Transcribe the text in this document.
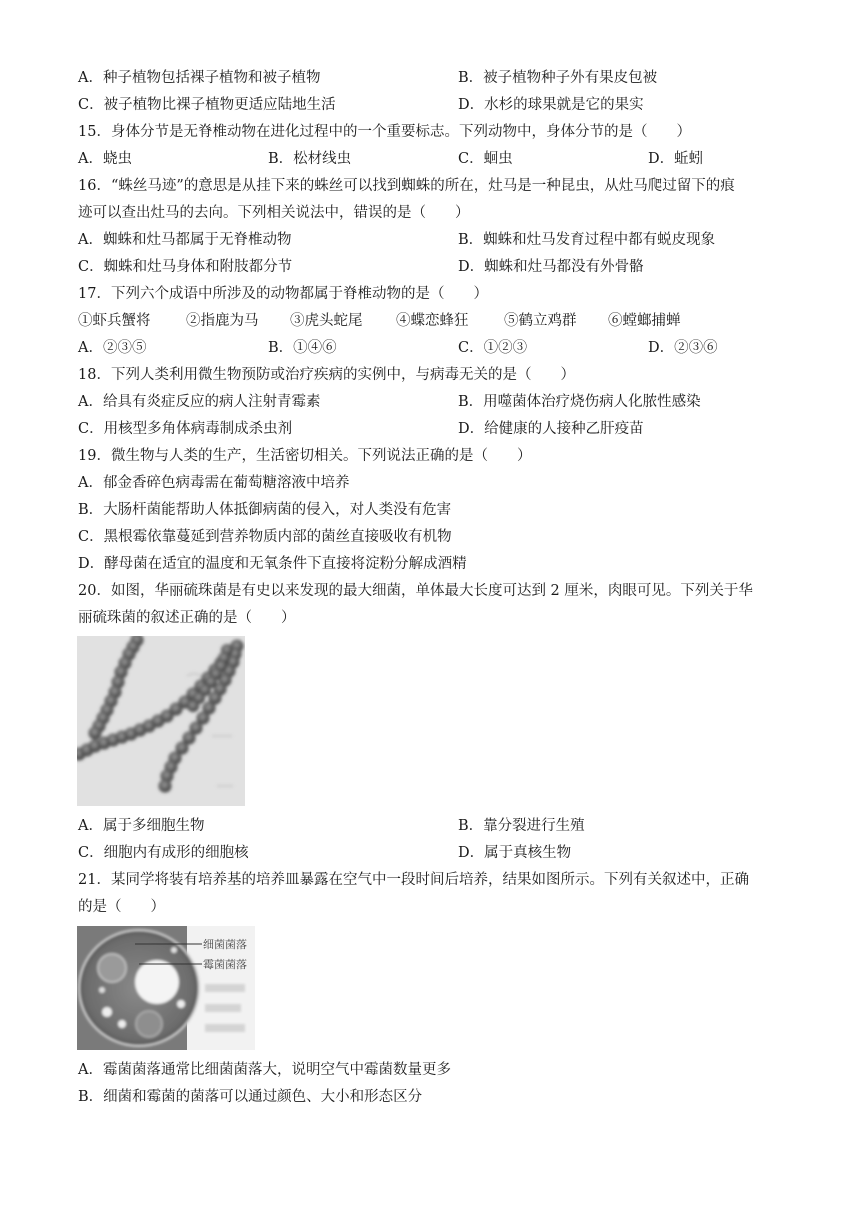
A．种子植物包括裸子植物和被子植物	B．被子植物种子外有果皮包被
C．被子植物比裸子植物更适应陆地生活	D．水杉的球果就是它的果实
15．身体分节是无脊椎动物在进化过程中的一个重要标志。下列动物中，身体分节的是（　　）
A．蛲虫	B．松材线虫	C．蛔虫	D．蚯蚓
16．“蛛丝马迹”的意思是从挂下来的蛛丝可以找到蜘蛛的所在，灶马是一种昆虫，从灶马爬过留下的痕
迹可以查出灶马的去向。下列相关说法中，错误的是（　　）
A．蜘蛛和灶马都属于无脊椎动物	B．蜘蛛和灶马发育过程中都有蜕皮现象
C．蜘蛛和灶马身体和附肢都分节	D．蜘蛛和灶马都没有外骨骼
17．下列六个成语中所涉及的动物都属于脊椎动物的是（　　）
①虾兵蟹将 ②指鹿为马 ③虎头蛇尾 ④蝶恋蜂狂 ⑤鹤立鸡群 ⑥螳螂捕蝉
A．②③⑤	B．①④⑥	C．①②③	D．②③⑥
18．下列人类利用微生物预防或治疗疾病的实例中，与病毒无关的是（　　）
A．给具有炎症反应的病人注射青霉素	B．用噬菌体治疗烧伤病人化脓性感染
C．用核型多角体病毒制成杀虫剂	D．给健康的人接种乙肝疫苗
19．微生物与人类的生产，生活密切相关。下列说法正确的是（　　）
A．郁金香碎色病毒需在葡萄糖溶液中培养
B．大肠杆菌能帮助人体抵御病菌的侵入，对人类没有危害
C．黑根霉依靠蔓延到营养物质内部的菌丝直接吸收有机物
D．酵母菌在适宜的温度和无氧条件下直接将淀粉分解成酒精
20．如图，华丽硫珠菌是有史以来发现的最大细菌，单体最大长度可达到 2 厘米，肉眼可见。下列关于华
丽硫珠菌的叙述正确的是（　　）
A．属于多细胞生物	B．靠分裂进行生殖
C．细胞内有成形的细胞核	D．属于真核生物
21．某同学将装有培养基的培养皿暴露在空气中一段时间后培养，结果如图所示。下列有关叙述中，正确
的是（　　）
细菌菌落
霉菌菌落
A．霉菌菌落通常比细菌菌落大，说明空气中霉菌数量更多
B．细菌和霉菌的菌落可以通过颜色、大小和形态区分
